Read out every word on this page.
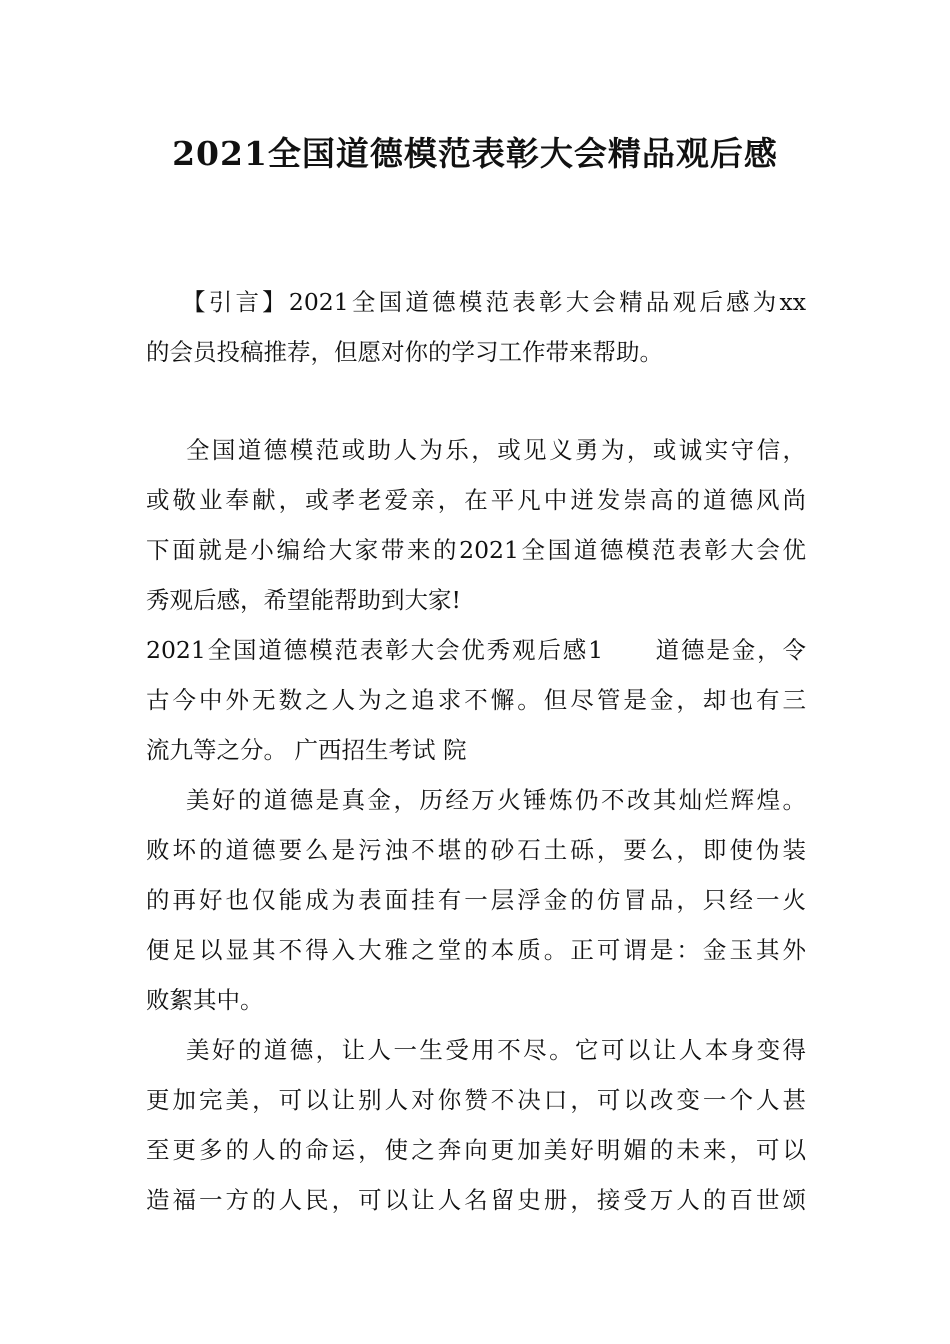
2021全国道德模范表彰大会精品观后感
【引言】2021全国道德模范表彰大会精品观后感为xx
的会员投稿推荐，但愿对你的学习工作带来帮助。
全国道德模范或助人为乐，或见义勇为，或诚实守信，
或敬业奉献，或孝老爱亲，在平凡中迸发崇高的道德风尚
下面就是小编给大家带来的2021全国道德模范表彰大会优
秀观后感，希望能帮助到大家!
2021全国道德模范表彰大会优秀观后感1　　道德是金，令
古今中外无数之人为之追求不懈。但尽管是金，却也有三
流九等之分。 广西招生考试 院
美好的道德是真金，历经万火锤炼仍不改其灿烂辉煌。
败坏的道德要么是污浊不堪的砂石土砾，要么，即使伪装
的再好也仅能成为表面挂有一层浮金的仿冒品，只经一火
便足以显其不得入大雅之堂的本质。正可谓是：金玉其外
败絮其中。
美好的道德，让人一生受用不尽。它可以让人本身变得
更加完美，可以让别人对你赞不决口，可以改变一个人甚
至更多的人的命运，使之奔向更加美好明媚的未来，可以
造福一方的人民，可以让人名留史册，接受万人的百世颂
